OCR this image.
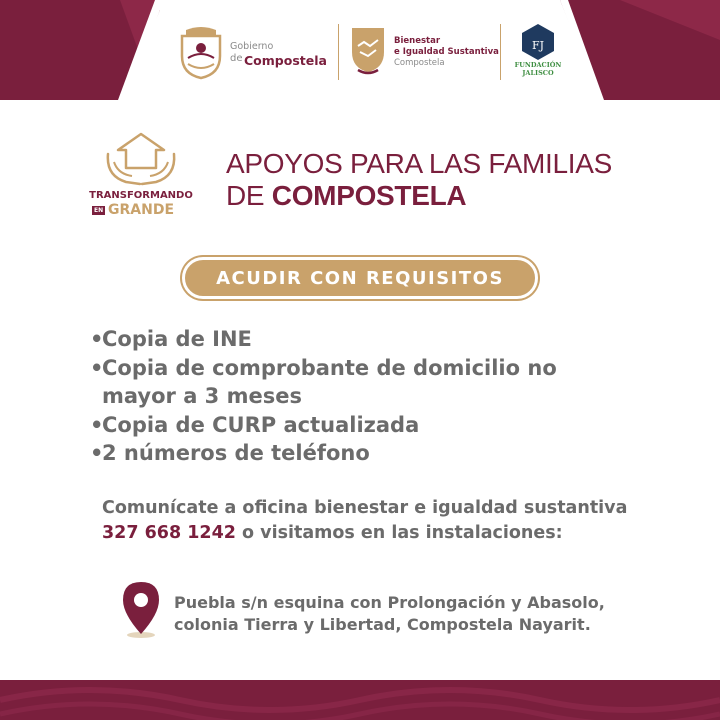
Gobierno
de Compostela
Bienestar
e Igualdad Sustantiva
Compostela
FJ
FUNDACIÓN
JALISCO
TRANSFORMANDO
EN GRANDE
APOYOS PARA LAS FAMILIAS
DE COMPOSTELA
ACUDIR CON REQUISITOS
• Copia de INE
• Copia de comprobante de domicilio no mayor a 3 meses
• Copia de CURP actualizada
• 2 números de teléfono
Comunícate a oficina bienestar e igualdad sustantiva
327 668 1242 o visitamos en las instalaciones:
Puebla s/n esquina con Prolongación y Abasolo,
colonia Tierra y Libertad, Compostela Nayarit.
